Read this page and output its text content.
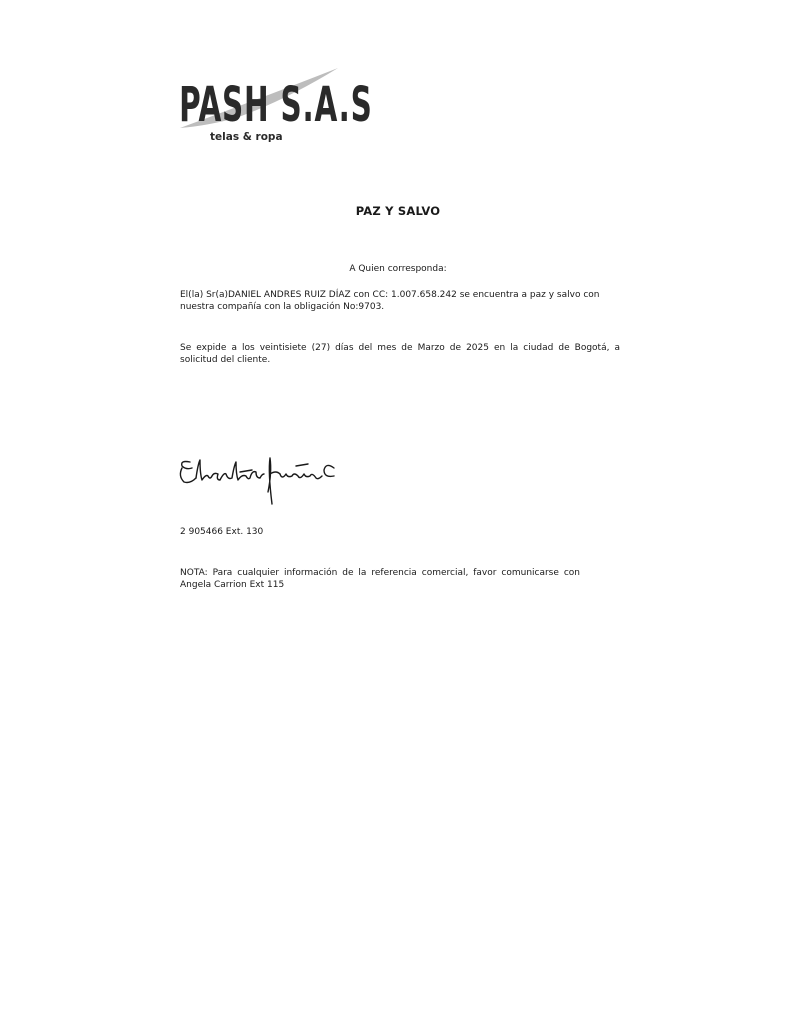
PASH S.A.S
telas & ropa
PAZ Y SALVO
A Quien corresponda:
El(la) Sr(a)DANIEL ANDRES RUIZ DÍAZ con CC: 1.007.658.242 se encuentra a paz y salvo con
nuestra compañía con la obligación No:9703.
Se expide a los veintisiete (27) días del mes de Marzo de 2025 en la ciudad de Bogotá, a
solicitud del cliente.
2 905466 Ext. 130
NOTA: Para cualquier información de la referencia comercial, favor comunicarse con
Angela Carrion Ext 115
